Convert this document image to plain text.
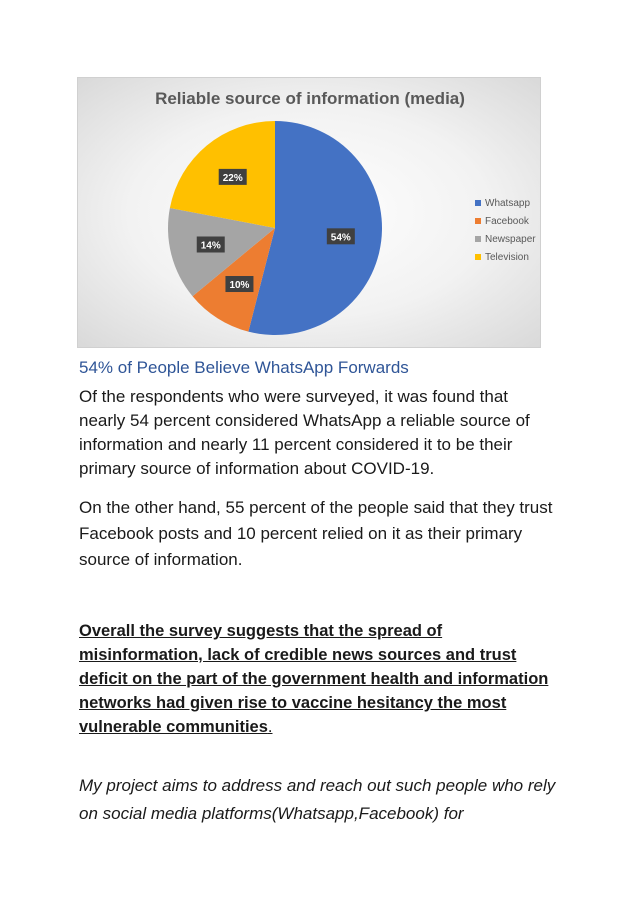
54%
10%
14%
22%
Reliable source of information (media)
Whatsapp
Facebook
Newspaper
Television
54% of People Believe WhatsApp Forwards
Of the respondents who were surveyed, it was found that nearly 54 percent considered WhatsApp a reliable source of information and nearly 11 percent considered it to be their primary source of information about COVID-19.
On the other hand, 55 percent of the people said that they trust Facebook posts and 10 percent relied on it as their primary source of information.
Overall the survey suggests that the spread of misinformation, lack of credible news sources and trust deficit on the part of the government health and information networks had given rise to vaccine hesitancy the most vulnerable communities.
My project aims to address and reach out such people who rely on social media platforms(Whatsapp,Facebook) for
